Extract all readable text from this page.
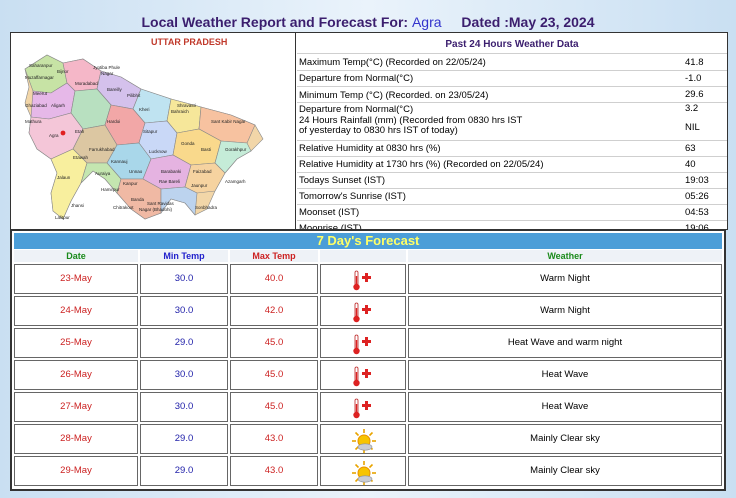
Local Weather Report and Forecast For: Agra Dated :May 23, 2024
UTTAR PRADESH
Saharanpur	Jyotiba Phule
Nagar
Muzaffarnagar
Bijnor
Moradabad
Bareilly
Pilibhit
Kheri	Bahraich
Shravasti
Sant Kabir Nagar
Meerut
Ghaziabad Aligarh
Mathura
Agra
Etah
Hardoi
Sitapur
Lucknow
Gonda
Basti	Gorakhpur
Farrukhabad
Kannauj
Unnao	Barabanki	Faizabad
Azamgarh
Etawah
Auraiya
Kanpur	Rae Bareli
Jaunpur
Jalaun
Jhansi
Hamirpur
Banda
Chitrakoot
Sant Ravidas
Nagar (Bhadohi)	Sonbhadra
Lalitpur
Past 24 Hours Weather Data
Maximum Temp(°C) (Recorded on 22/05/24)	41.8
Departure from Normal(°C)	-1.0
Minimum Temp (°C) (Recorded. on 23/05/24)	29.6
Departure from Normal(°C)	3.2
24 Hours Rainfall (mm) (Recorded from 0830 hrs IST
of yesterday to 0830 hrs IST of today)	NIL
Relative Humidity at 0830 hrs (%)	63
Relative Humidity at 1730 hrs (%) (Recorded on 22/05/24)	40
Todays Sunset (IST)	19:03
Tomorrow's Sunrise (IST)	05:26
Moonset (IST)	04:53
7 Day's Forecast
Date	Min Temp	Max Temp	Weather
23-May	30.0	40.0	Warm Night
24-May	30.0	42.0	Warm Night
25-May	29.0	45.0	Heat Wave and warm night
26-May	30.0	45.0	Heat Wave
27-May	30.0	45.0	Heat Wave
28-May	29.0	43.0	Mainly Clear sky
29-May	29.0	43.0	Mainly Clear sky
